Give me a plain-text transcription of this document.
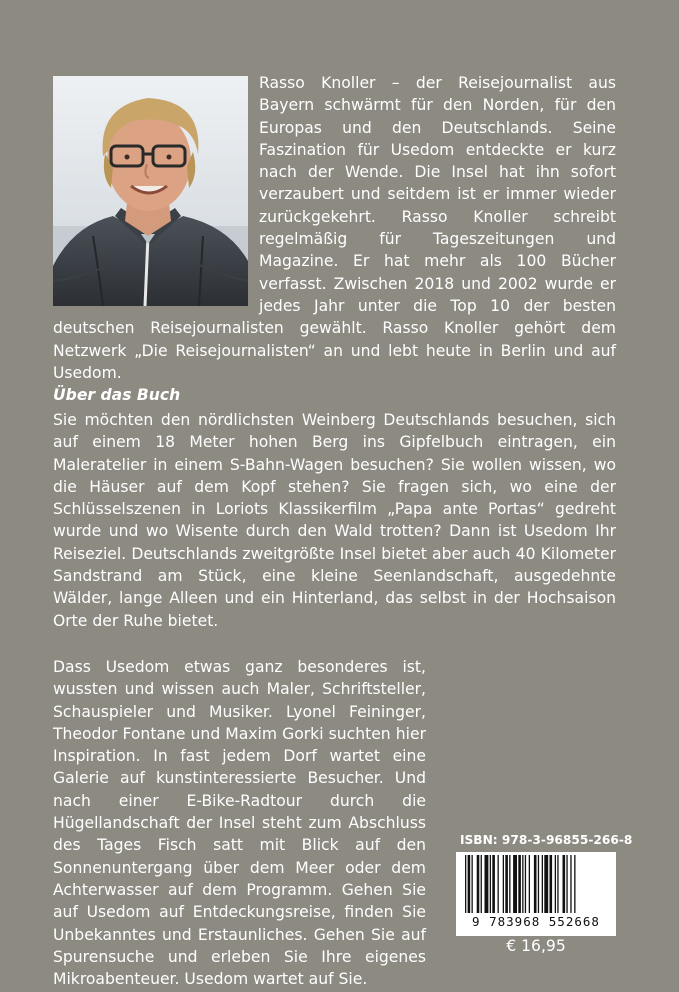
Rasso Knoller – der Reisejournalist aus Bayern schwärmt für den Norden, für den Europas und den Deutschlands. Seine Faszination für Usedom entdeckte er kurz nach der Wende. Die Insel hat ihn sofort verzaubert und seitdem ist er immer wieder zurückgekehrt. Rasso Knoller schreibt regelmäßig für Tageszeitungen und Magazine. Er hat mehr als 100 Bücher verfasst. Zwischen 2018 und 2002 wurde er jedes Jahr unter die Top 10 der besten deutschen Reisejournalisten gewählt. Rasso Knoller gehört dem Netzwerk „Die Reisejournalisten“ an und lebt heute in Berlin und auf Usedom.
Über das Buch
Sie möchten den nördlichsten Weinberg Deutschlands besuchen, sich auf einem 18 Meter hohen Berg ins Gipfelbuch eintragen, ein Maleratelier in einem S-Bahn-Wagen besuchen? Sie wollen wissen, wo die Häuser auf dem Kopf stehen? Sie fragen sich, wo eine der Schlüsselszenen in Loriots Klassikerfilm „Papa ante Portas“ gedreht wurde und wo Wisente durch den Wald trotten? Dann ist Usedom Ihr Reiseziel. Deutschlands zweitgrößte Insel bietet aber auch 40 Kilometer Sandstrand am Stück, eine kleine Seenlandschaft, ausgedehnte Wälder, lange Alleen und ein Hinterland, das selbst in der Hochsaison Orte der Ruhe bietet.
Dass Usedom etwas ganz besonderes ist, wussten und wissen auch Maler, Schriftsteller, Schauspieler und Musiker. Lyonel Feininger, Theodor Fontane und Maxim Gorki suchten hier Inspiration. In fast jedem Dorf wartet eine Galerie auf kunstinteressierte Besucher. Und nach einer E-Bike-Radtour durch die Hügellandschaft der Insel steht zum Abschluss des Tages Fisch satt mit Blick auf den Sonnenuntergang über dem Meer oder dem Achterwasser auf dem Programm. Gehen Sie auf Usedom auf Entdeckungsreise, finden Sie Unbekanntes und Erstaunliches. Gehen Sie auf Spurensuche und erleben Sie Ihre eigenes Mikroabenteuer. Usedom wartet auf Sie.
ISBN: 978-3-96855-266-8
9 783968 552668
€ 16,95
